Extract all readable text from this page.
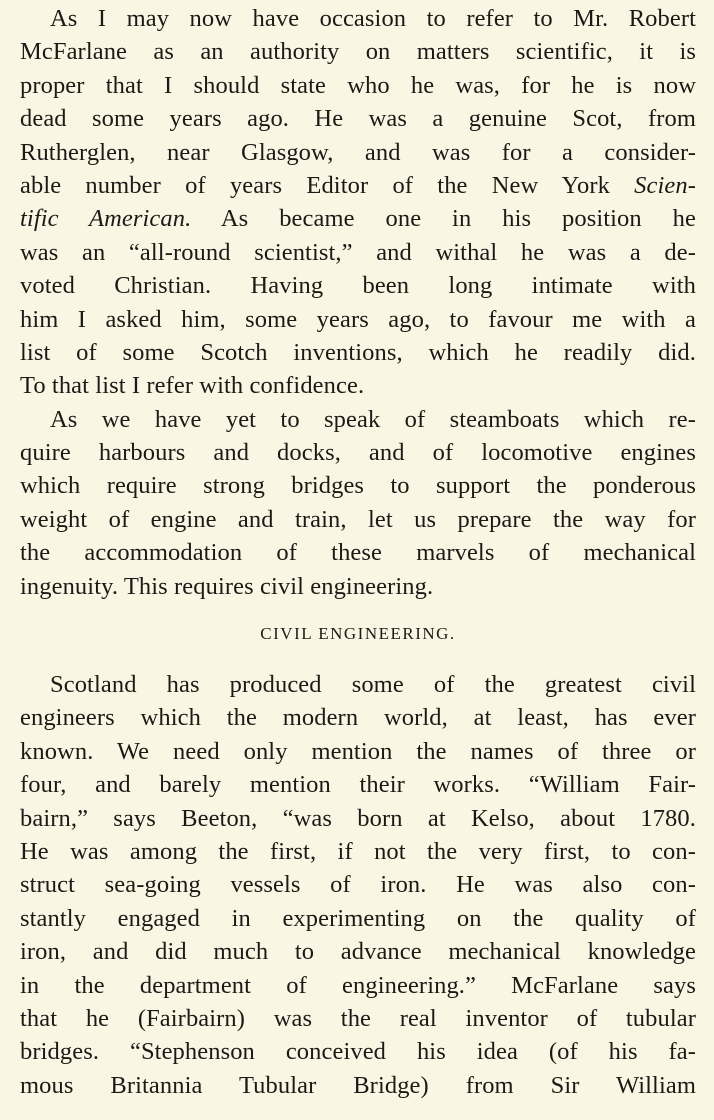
As I may now have occasion to refer to Mr. Robert
McFarlane as an authority on matters scientific, it is
proper that I should state who he was, for he is now
dead some years ago. He was a genuine Scot, from
Rutherglen, near Glasgow, and was for a consider-
able number of years Editor of the New York Scien-
tific American. As became one in his position he
was an “all-round scientist,” and withal he was a de-
voted Christian. Having been long intimate with
him I asked him, some years ago, to favour me with a
list of some Scotch inventions, which he readily did.
To that list I refer with confidence.
As we have yet to speak of steamboats which re-
quire harbours and docks, and of locomotive engines
which require strong bridges to support the ponderous
weight of engine and train, let us prepare the way for
the accommodation of these marvels of mechanical
ingenuity. This requires civil engineering.
CIVIL ENGINEERING.
Scotland has produced some of the greatest civil
engineers which the modern world, at least, has ever
known. We need only mention the names of three or
four, and barely mention their works. “William Fair-
bairn,” says Beeton, “was born at Kelso, about 1780.
He was among the first, if not the very first, to con-
struct sea-going vessels of iron. He was also con-
stantly engaged in experimenting on the quality of
iron, and did much to advance mechanical knowledge
in the department of engineering.” McFarlane says
that he (Fairbairn) was the real inventor of tubular
bridges. “Stephenson conceived his idea (of his fa-
mous Britannia Tubular Bridge) from Sir William
